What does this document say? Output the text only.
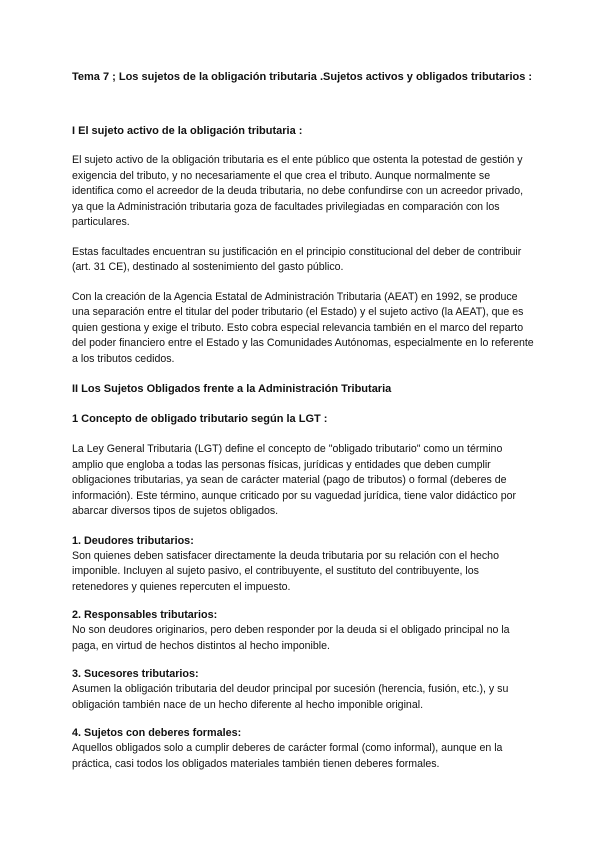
Tema 7 ; Los sujetos de la obligación tributaria .Sujetos activos y obligados tributarios :

I El sujeto activo de la obligación tributaria :

El sujeto activo de la obligación tributaria es el ente público que ostenta la potestad de gestión y exigencia del tributo, y no necesariamente el que crea el tributo. Aunque normalmente se identifica como el acreedor de la deuda tributaria, no debe confundirse con un acreedor privado, ya que la Administración tributaria goza de facultades privilegiadas en comparación con los particulares.

Estas facultades encuentran su justificación en el principio constitucional del deber de contribuir (art. 31 CE), destinado al sostenimiento del gasto público.

Con la creación de la Agencia Estatal de Administración Tributaria (AEAT) en 1992, se produce una separación entre el titular del poder tributario (el Estado) y el sujeto activo (la AEAT), que es quien gestiona y exige el tributo. Esto cobra especial relevancia también en el marco del reparto del poder financiero entre el Estado y las Comunidades Autónomas, especialmente en lo referente a los tributos cedidos.

II Los Sujetos Obligados frente a la Administración Tributaria

1 Concepto de obligado tributario según la LGT :

La Ley General Tributaria (LGT) define el concepto de "obligado tributario" como un término amplio que engloba a todas las personas físicas, jurídicas y entidades que deben cumplir obligaciones tributarias, ya sean de carácter material (pago de tributos) o formal (deberes de información). Este término, aunque criticado por su vaguedad jurídica, tiene valor didáctico por abarcar diversos tipos de sujetos obligados.

1. Deudores tributarios:
Son quienes deben satisfacer directamente la deuda tributaria por su relación con el hecho imponible. Incluyen al sujeto pasivo, el contribuyente, el sustituto del contribuyente, los retenedores y quienes repercuten el impuesto.
2. Responsables tributarios:
No son deudores originarios, pero deben responder por la deuda si el obligado principal no la paga, en virtud de hechos distintos al hecho imponible.
3. Sucesores tributarios:
Asumen la obligación tributaria del deudor principal por sucesión (herencia, fusión, etc.), y su obligación también nace de un hecho diferente al hecho imponible original.
4. Sujetos con deberes formales:
Aquellos obligados solo a cumplir deberes de carácter formal (como informal), aunque en la práctica, casi todos los obligados materiales también tienen deberes formales.
